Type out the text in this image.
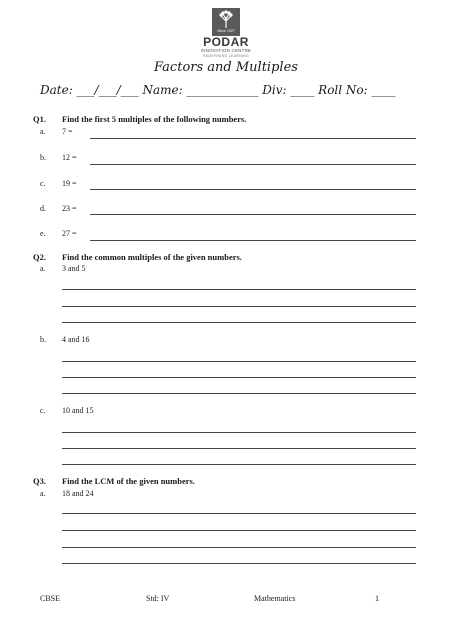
Since 1927
PODAR
INNOVATION CENTRE
REDEFINING LEARNING
Factors and Multiples
Date: ___/___/___ Name: ____________ Div: ____ Roll No: ____
Q1. Find the first 5 multiples of the following numbers.
a. 7 =
b. 12 =
c. 19 =
d. 23 =
e. 27 =
Q2. Find the common multiples of the given numbers.
a. 3 and 5
b. 4 and 16
c. 10 and 15
Q3. Find the LCM of the given numbers.
a. 18 and 24
CBSE	Std: IV	Mathematics	1
